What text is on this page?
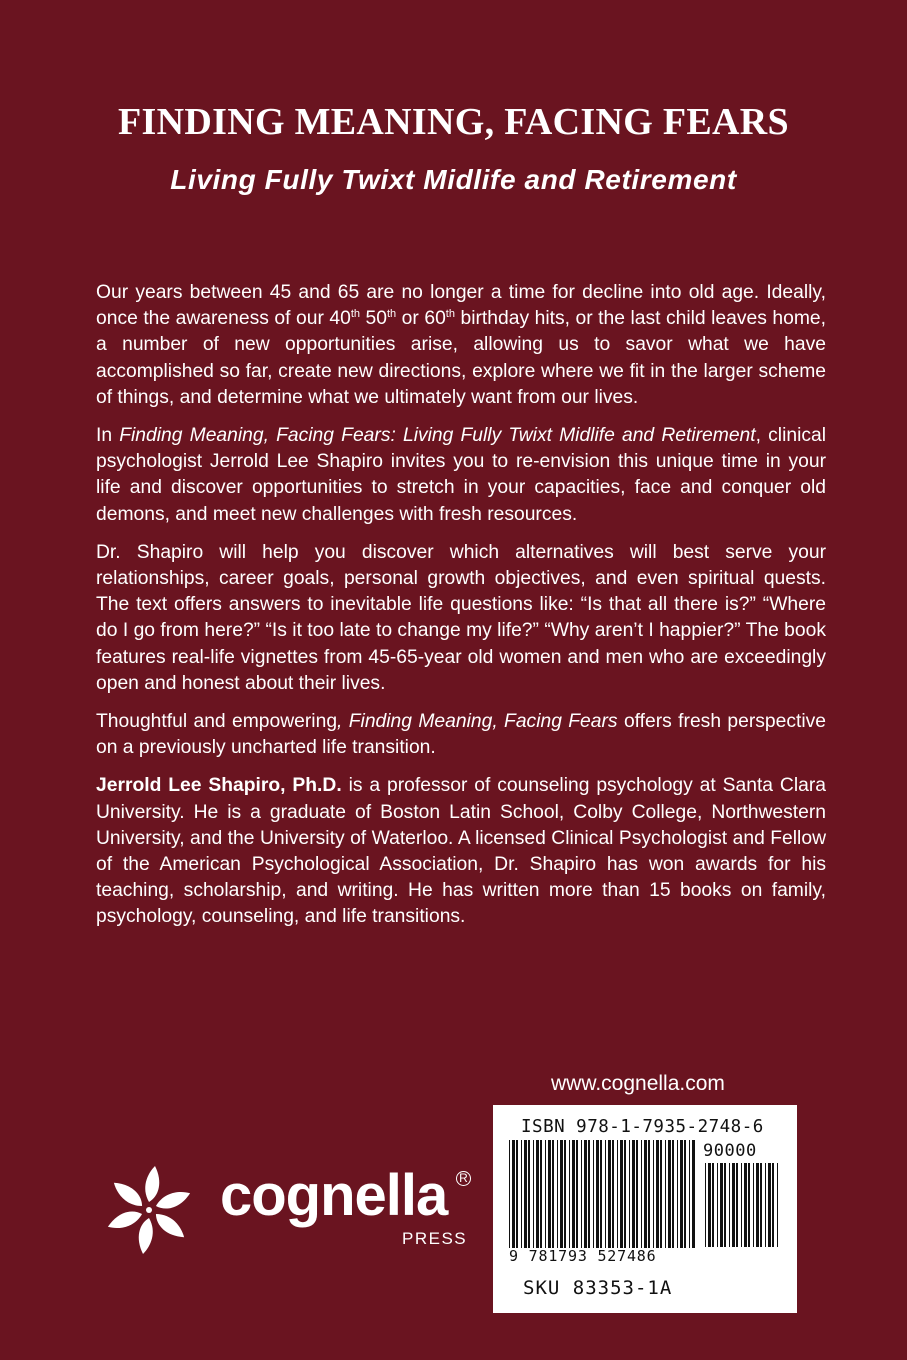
FINDING MEANING, FACING FEARS
Living Fully Twixt Midlife and Retirement

Our years between 45 and 65 are no longer a time for decline into old age. Ideally, once the awareness of our 40th 50th or 60th birthday hits, or the last child leaves home, a number of new opportunities arise, allowing us to savor what we have accomplished so far, create new directions, explore where we fit in the larger scheme of things, and determine what we ultimately want from our lives.

In Finding Meaning, Facing Fears: Living Fully Twixt Midlife and Retirement, clinical psychologist Jerrold Lee Shapiro invites you to re-envision this unique time in your life and discover opportunities to stretch in your capacities, face and conquer old demons, and meet new challenges with fresh resources.

Dr. Shapiro will help you discover which alternatives will best serve your relationships, career goals, personal growth objectives, and even spiritual quests. The text offers answers to inevitable life questions like: “Is that all there is?” “Where do I go from here?” “Is it too late to change my life?” “Why aren’t I happier?” The book features real-life vignettes from 45-65-year old women and men who are exceedingly open and honest about their lives.

Thoughtful and empowering, Finding Meaning, Facing Fears offers fresh perspective on a previously uncharted life transition.

Jerrold Lee Shapiro, Ph.D. is a professor of counseling psychology at Santa Clara University. He is a graduate of Boston Latin School, Colby College, Northwestern University, and the University of Waterloo. A licensed Clinical Psychologist and Fellow of the American Psychological Association, Dr. Shapiro has won awards for his teaching, scholarship, and writing. He has written more than 15 books on family, psychology, counseling, and life transitions.

www.cognella.com
ISBN 978-1-7935-2748-6
90000
9 781793 527486
SKU 83353-1A
cognella R
PRESS
